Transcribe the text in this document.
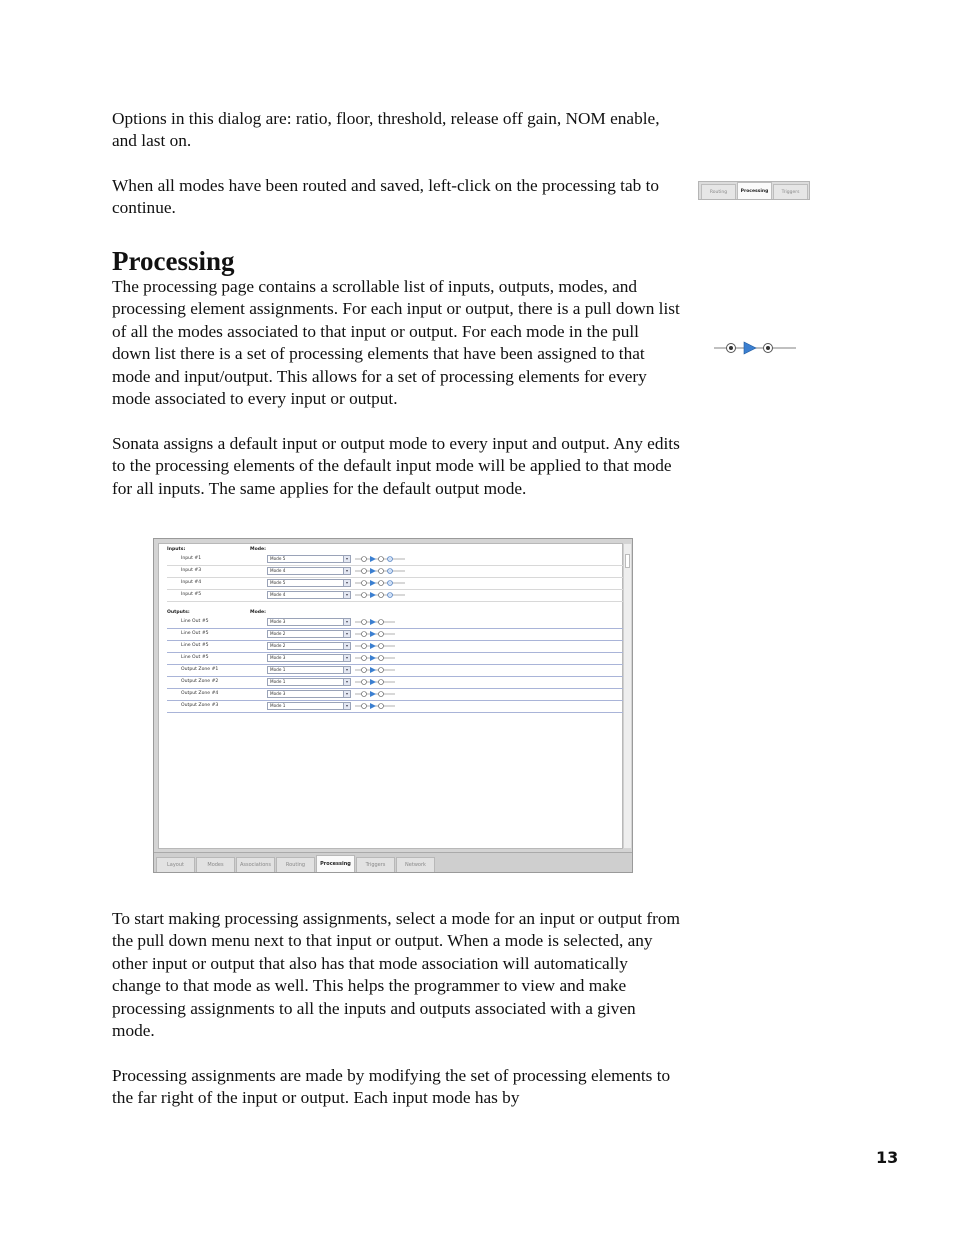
Options in this dialog are: ratio, floor, threshold, release off gain, NOM enable, and last on.

When all modes have been routed and saved, left-click on the processing tab to continue.

Routing	Processing	Triggers
Processing

The processing page contains a scrollable list of inputs, outputs, modes, and processing element assignments. For each input or output, there is a pull down list of all the modes associated to that input or output. For each mode in the pull down list there is a set of processing elements that have been assigned to that mode and input/output. This allows for a set of processing elements for every mode associated to every input or output.

Sonata assigns a default input or output mode to every input and output. Any edits to the processing elements of the default input mode will be applied to that mode for all inputs. The same applies for the default output mode.

Inputs:	Mode:
Input #1	Mode 5	▾
Input #3	Mode 4	▾
Input #4	Mode 5	▾
Input #5	Mode 4	▾
Outputs:	Mode:
Line Out #5	Mode 3	▾
Line Out #5	Mode 2	▾
Line Out #5	Mode 2	▾
Line Out #5	Mode 3	▾
Output Zone #1	Mode 1	▾
Output Zone #2	Mode 1	▾
Output Zone #4	Mode 3	▾
Output Zone #3	Mode 1	▾
Layout	Modes	Associations	Routing	Processing	Triggers	Network

To start making processing assignments, select a mode for an input or output from the pull down menu next to that input or output. When a mode is selected, any other input or output that also has that mode association will automatically change to that mode as well. This helps the programmer to view and make processing assignments to all the inputs and outputs associated with a given mode.

Processing assignments are made by modifying the set of processing elements to the far right of the input or output. Each input mode has by

13
